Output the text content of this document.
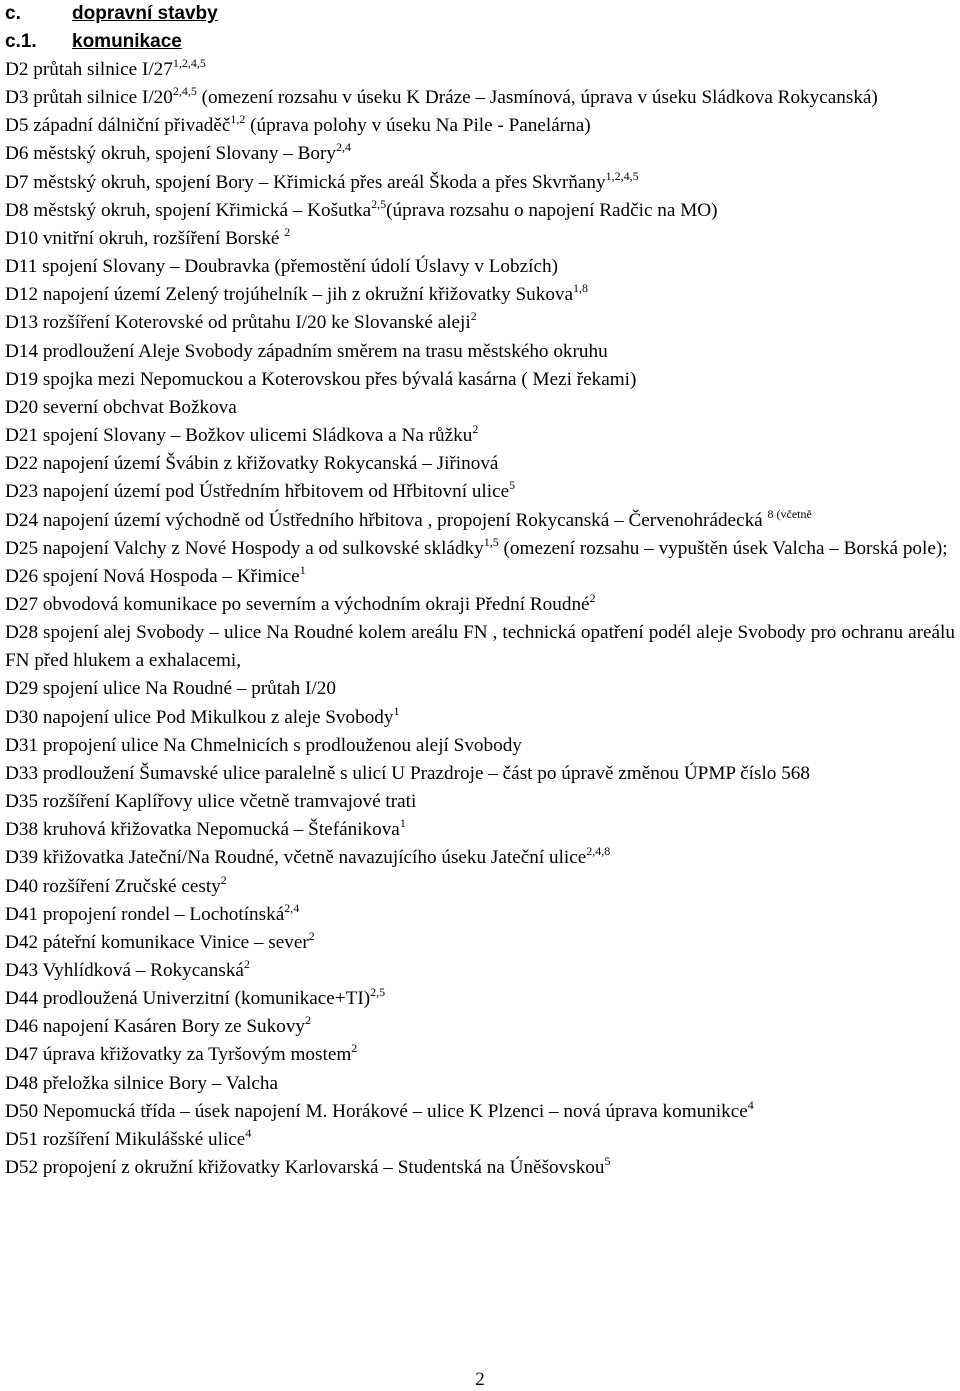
c.	dopravní stavby
c.1. komunikace
D2 průtah silnice I/27$^{1,2,4,5}$
D3 průtah silnice I/20$^{2,4,5}$ (omezení rozsahu v úseku K Dráze – Jasmínová, úprava v úseku Sládkova Rokycanská)
D5 západní dálniční přivaděč$^{1,2}$ (úprava polohy v úseku Na Pile - Panelárna)
D6 městský okruh, spojení Slovany – Bory$^{2,4}$
D7 městský okruh, spojení Bory – Křimická přes areál Škoda a přes Skvrňany$^{1,2,4,5}$
D8 městský okruh, spojení Křimická – Košutka$^{2,5}$(úprava rozsahu o napojení Radčic na MO)
D10 vnitřní okruh, rozšíření Borské $^2$
D11 spojení Slovany – Doubravka (přemostění údolí Úslavy v Lobzích)
D12 napojení území Zelený trojúhelník – jih z okružní křižovatky Sukova$^{1,8}$
D13 rozšíření Koterovské od průtahu I/20 ke Slovanské aleji$^2$
D14 prodloužení Aleje Svobody západním směrem na trasu městského okruhu
D19 spojka mezi Nepomuckou a Koterovskou přes bývalá kasárna ( Mezi řekami)
D20 severní obchvat Božkova
D21 spojení Slovany – Božkov ulicemi Sládkova a Na růžku$^2$
D22 napojení území Švábin z křižovatky Rokycanská – Jiřinová
D23 napojení území pod Ústředním hřbitovem od Hřbitovní ulice$^5$
D24 napojení území východně od Ústředního hřbitova , propojení Rokycanská – Červenohrádecká $^{8 (včetně}$
D25 napojení Valchy z Nové Hospody a od sulkovské skládky$^{1,5}$ (omezení rozsahu – vypuštěn úsek Valcha – Borská pole);
D26 spojení Nová Hospoda – Křimice$^1$
D27 obvodová komunikace po severním a východním okraji Přední Roudné$^2$
D28 spojení alej Svobody – ulice Na Roudné kolem areálu FN , technická opatření podél aleje Svobody pro ochranu areálu FN před hlukem a exhalacemi,
D29 spojení ulice Na Roudné – průtah I/20
D30 napojení ulice Pod Mikulkou z aleje Svobody$^1$
D31 propojení ulice Na Chmelnicích s prodlouženou alejí Svobody
D33 prodloužení Šumavské ulice paralelně s ulicí U Prazdroje – část po úpravě změnou ÚPMP číslo 568
D35 rozšíření Kaplířovy ulice včetně tramvajové trati
D38 kruhová křižovatka Nepomucká – Štefánikova$^1$
D39 křižovatka Jateční/Na Roudné, včetně navazujícího úseku Jateční ulice$^{2,4,8}$
D40 rozšíření Zručské cesty$^2$
D41 propojení rondel – Lochotínská$^{2,4}$
D42 páteřní komunikace Vinice – sever$^2$
D43 Vyhlídková – Rokycanská$^2$
D44 prodloužená Univerzitní (komunikace+TI)$^{2,5}$
D46 napojení Kasáren Bory ze Sukovy$^2$
D47 úprava křižovatky za Tyršovým mostem$^2$
D48 přeložka silnice Bory – Valcha
D50 Nepomucká třída – úsek napojení M. Horákové – ulice K Plzenci – nová úprava komunikce$^4$
D51 rozšíření Mikulášské ulice$^4$
D52 propojení z okružní křižovatky Karlovarská – Studentská na Úněšovskou$^5$
2
